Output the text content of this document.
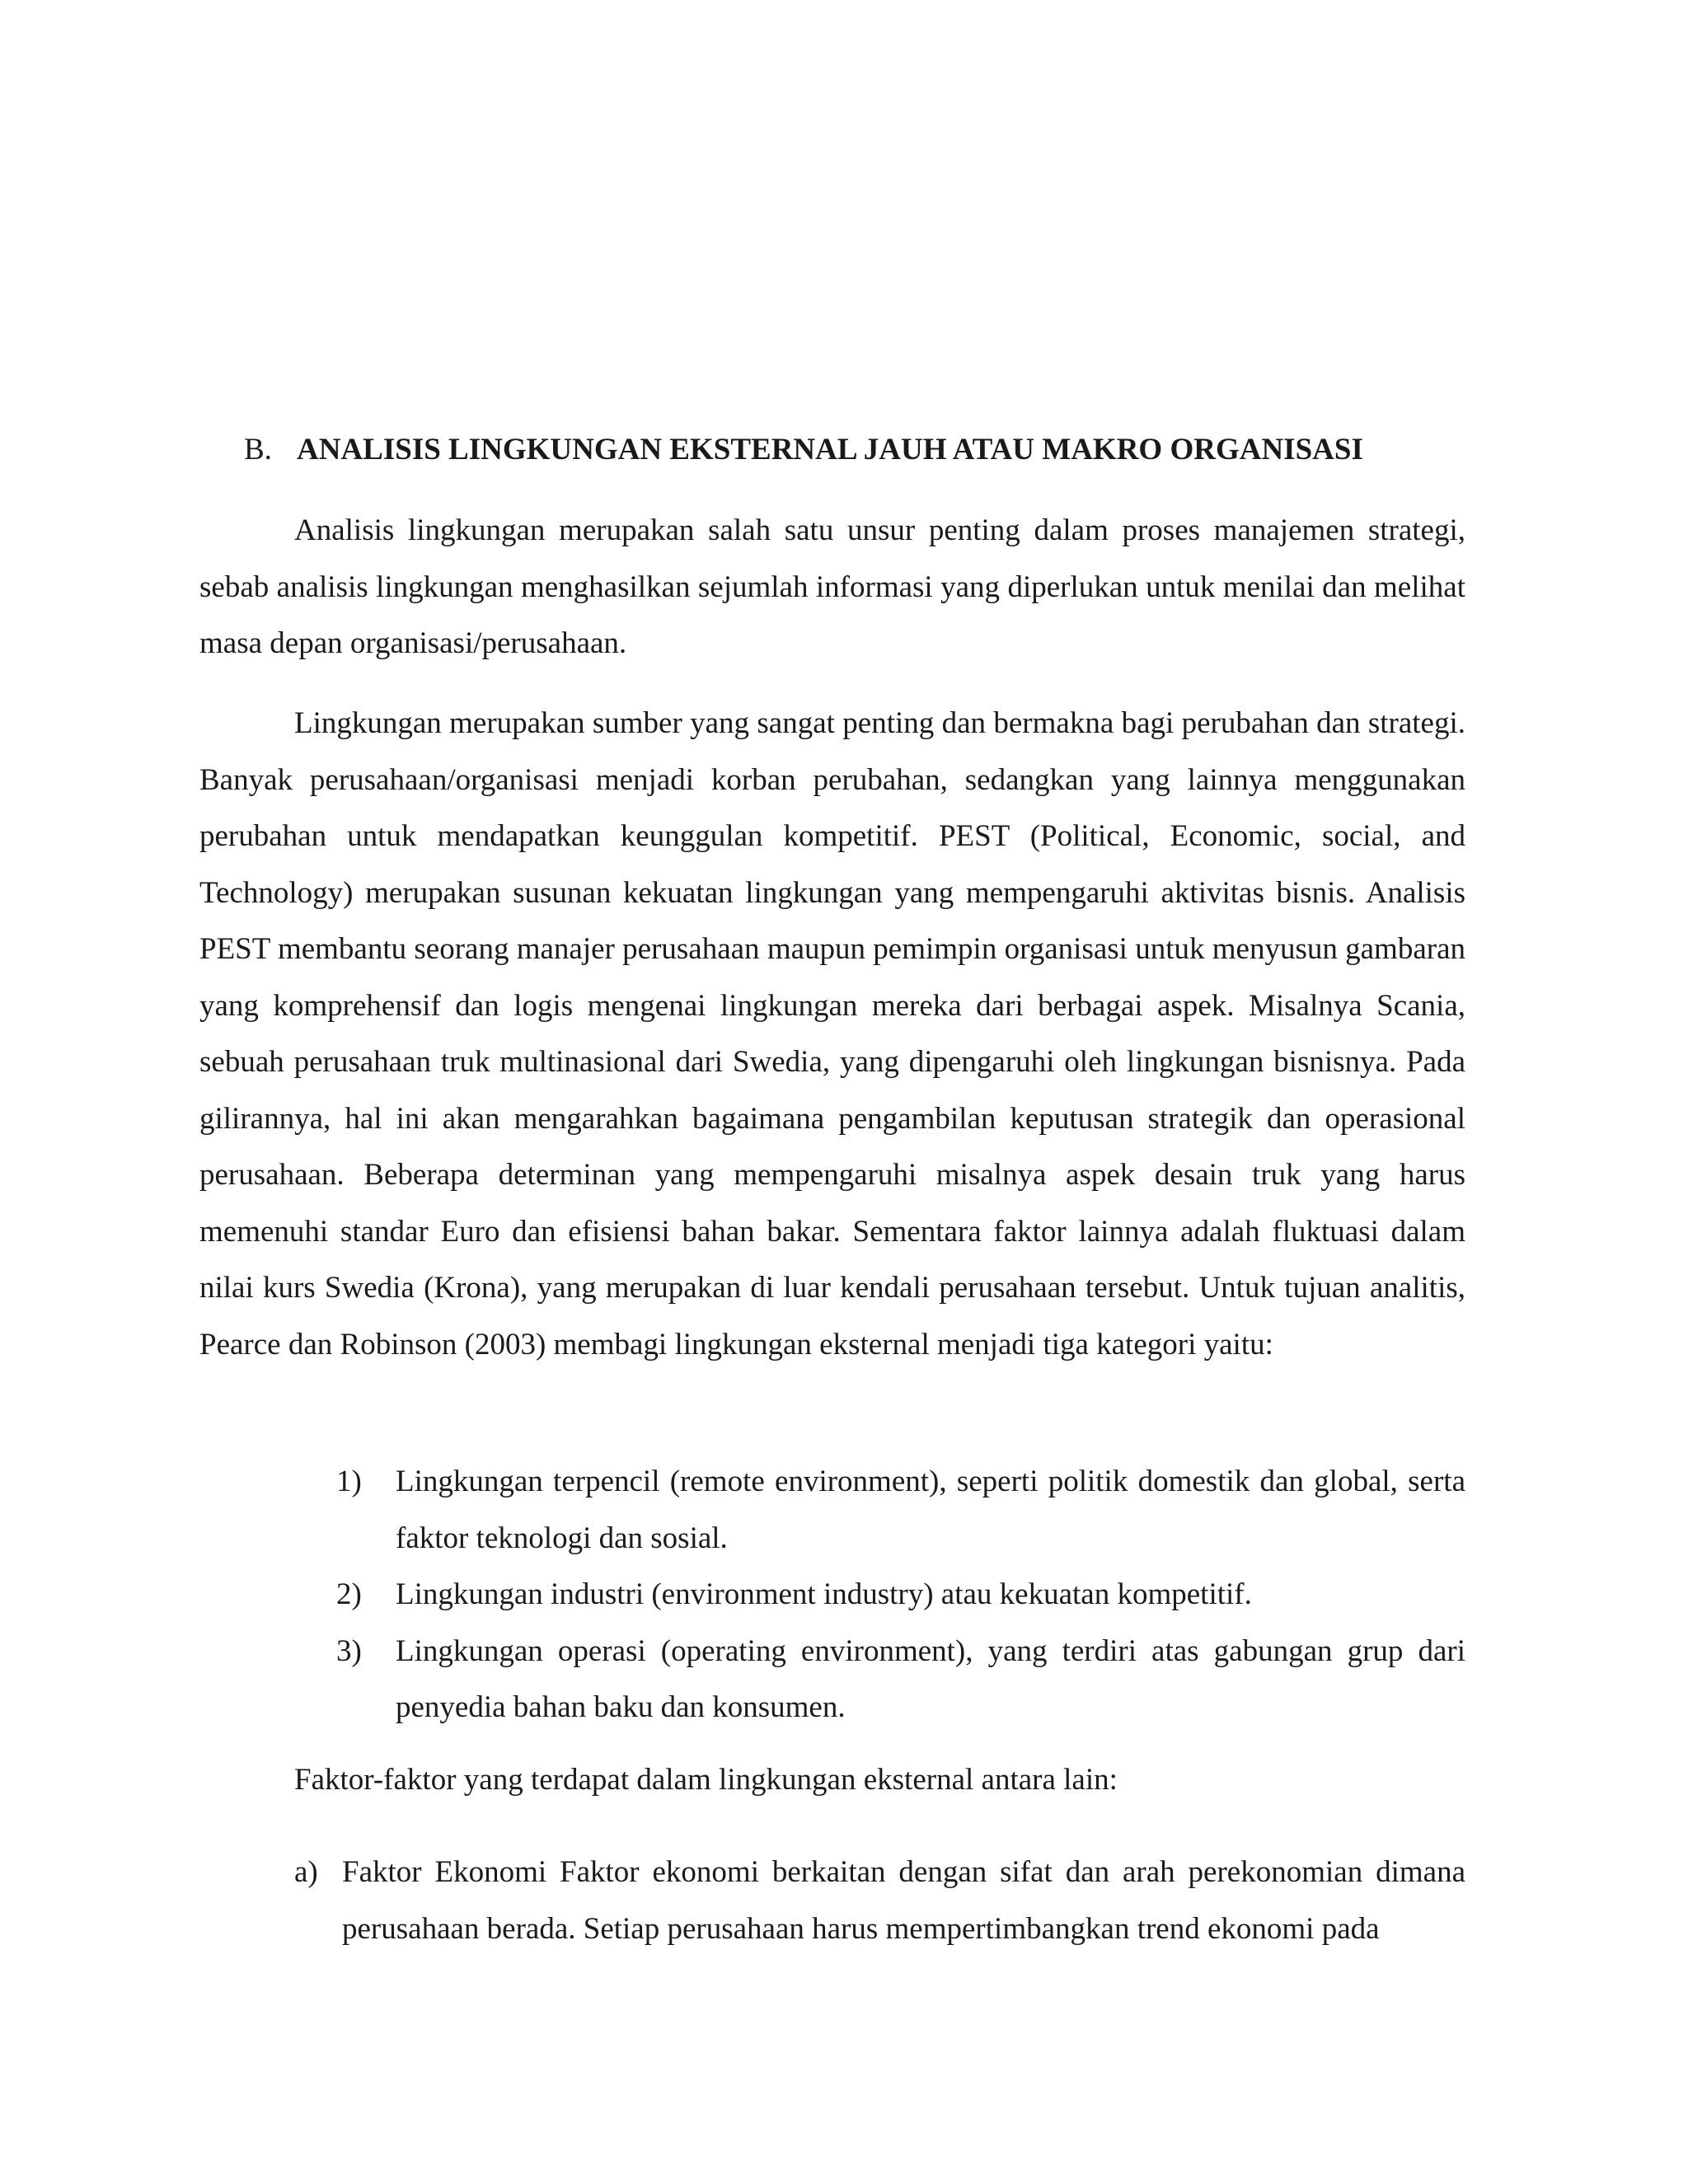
B. ANALISIS LINGKUNGAN EKSTERNAL JAUH ATAU MAKRO ORGANISASI

Analisis lingkungan merupakan salah satu unsur penting dalam proses manajemen strategi, sebab analisis lingkungan menghasilkan sejumlah informasi yang diperlukan untuk menilai dan melihat masa depan organisasi/perusahaan.

Lingkungan merupakan sumber yang sangat penting dan bermakna bagi perubahan dan strategi. Banyak perusahaan/organisasi menjadi korban perubahan, sedangkan yang lainnya menggunakan perubahan untuk mendapatkan keunggulan kompetitif. PEST (Political, Economic, social, and Technology) merupakan susunan kekuatan lingkungan yang mempengaruhi aktivitas bisnis. Analisis PEST membantu seorang manajer perusahaan maupun pemimpin organisasi untuk menyusun gambaran yang komprehensif dan logis mengenai lingkungan mereka dari berbagai aspek. Misalnya Scania, sebuah perusahaan truk multinasional dari Swedia, yang dipengaruhi oleh lingkungan bisnisnya. Pada gilirannya, hal ini akan mengarahkan bagaimana pengambilan keputusan strategik dan operasional perusahaan. Beberapa determinan yang mempengaruhi misalnya aspek desain truk yang harus memenuhi standar Euro dan efisiensi bahan bakar. Sementara faktor lainnya adalah fluktuasi dalam nilai kurs Swedia (Krona), yang merupakan di luar kendali perusahaan tersebut. Untuk tujuan analitis, Pearce dan Robinson (2003) membagi lingkungan eksternal menjadi tiga kategori yaitu:

1) Lingkungan terpencil (remote environment), seperti politik domestik dan global, serta faktor teknologi dan sosial.
2) Lingkungan industri (environment industry) atau kekuatan kompetitif.
3) Lingkungan operasi (operating environment), yang terdiri atas gabungan grup dari penyedia bahan baku dan konsumen.

Faktor-faktor yang terdapat dalam lingkungan eksternal antara lain:

a) Faktor Ekonomi Faktor ekonomi berkaitan dengan sifat dan arah perekonomian dimana perusahaan berada. Setiap perusahaan harus mempertimbangkan trend ekonomi pada
